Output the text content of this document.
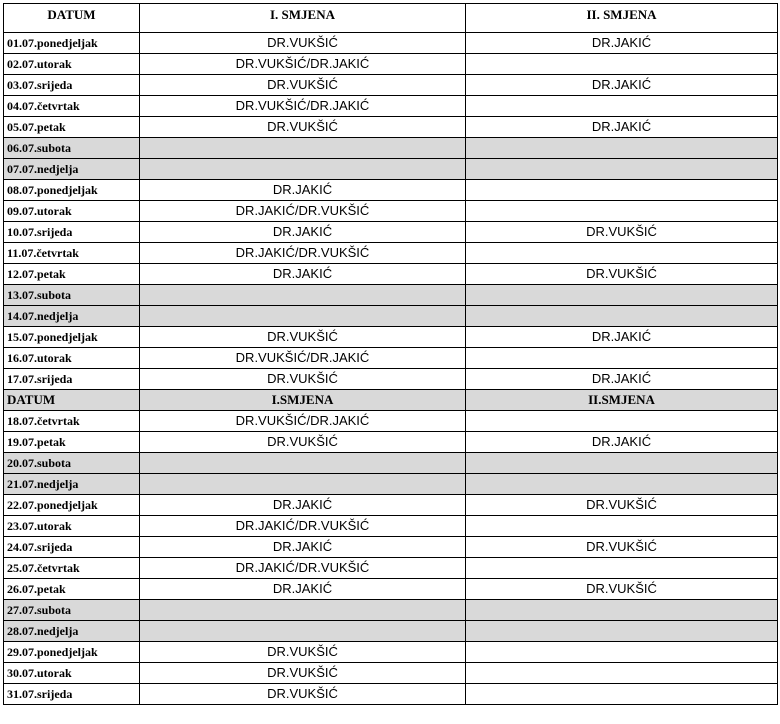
DATUM	I. SMJENA	II. SMJENA
01.07.ponedjeljak	DR.VUKŠIĆ	DR.JAKIĆ
02.07.utorak	DR.VUKŠIĆ/DR.JAKIĆ	
03.07.srijeda	DR.VUKŠIĆ	DR.JAKIĆ
04.07.četvrtak	DR.VUKŠIĆ/DR.JAKIĆ	
05.07.petak	DR.VUKŠIĆ	DR.JAKIĆ
06.07.subota		
07.07.nedjelja		
08.07.ponedjeljak	DR.JAKIĆ	
09.07.utorak	DR.JAKIĆ/DR.VUKŠIĆ	
10.07.srijeda	DR.JAKIĆ	DR.VUKŠIĆ
11.07.četvrtak	DR.JAKIĆ/DR.VUKŠIĆ	
12.07.petak	DR.JAKIĆ	DR.VUKŠIĆ
13.07.subota		
14.07.nedjelja		
15.07.ponedjeljak	DR.VUKŠIĆ	DR.JAKIĆ
16.07.utorak	DR.VUKŠIĆ/DR.JAKIĆ	
17.07.srijeda	DR.VUKŠIĆ	DR.JAKIĆ
DATUM	I.SMJENA	II.SMJENA
18.07.četvrtak	DR.VUKŠIĆ/DR.JAKIĆ	
19.07.petak	DR.VUKŠIĆ	DR.JAKIĆ
20.07.subota		
21.07.nedjelja		
22.07.ponedjeljak	DR.JAKIĆ	DR.VUKŠIĆ
23.07.utorak	DR.JAKIĆ/DR.VUKŠIĆ	
24.07.srijeda	DR.JAKIĆ	DR.VUKŠIĆ
25.07.četvrtak	DR.JAKIĆ/DR.VUKŠIĆ	
26.07.petak	DR.JAKIĆ	DR.VUKŠIĆ
27.07.subota		
28.07.nedjelja		
29.07.ponedjeljak	DR.VUKŠIĆ	
30.07.utorak	DR.VUKŠIĆ	
31.07.srijeda	DR.VUKŠIĆ	
